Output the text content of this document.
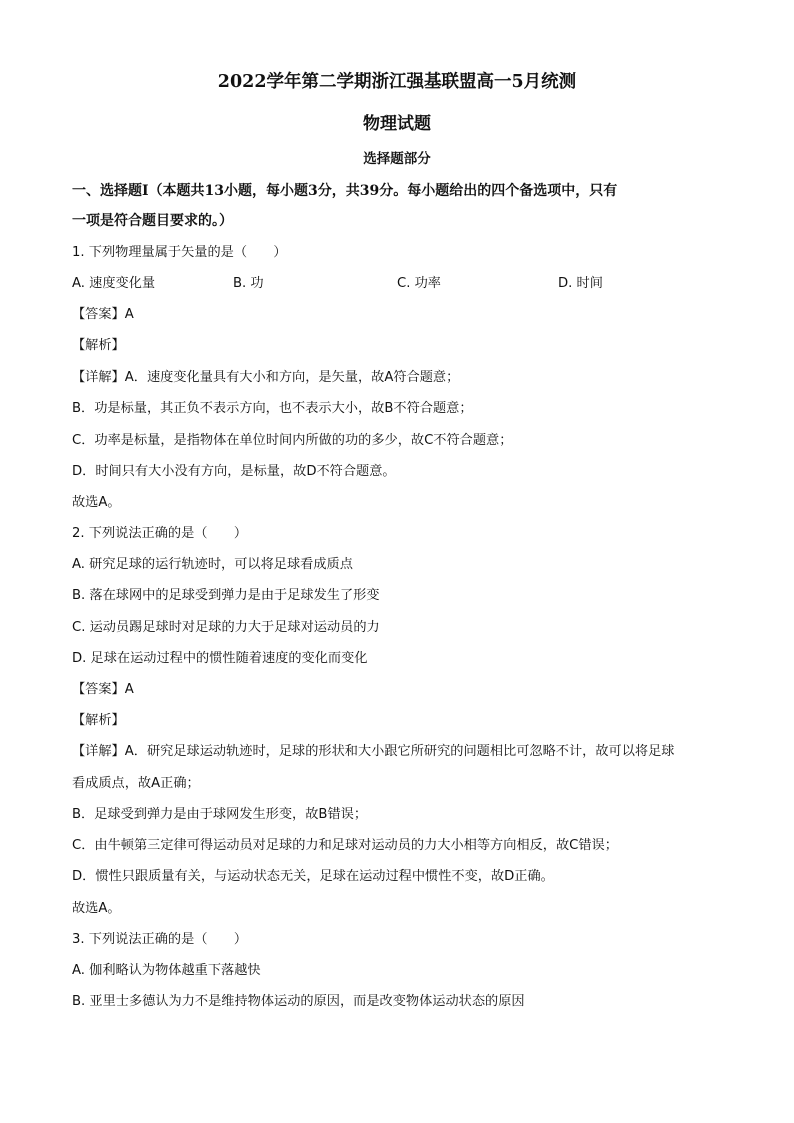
2022学年第二学期浙江强基联盟高一5月统测
物理试题
选择题部分
一、选择题Ⅰ（本题共13小题，每小题3分，共39分。每小题给出的四个备选项中，只有
一项是符合题目要求的。）
1. 下列物理量属于矢量的是（　　）
A. 速度变化量	B. 功	C. 功率	D. 时间
【答案】A
【解析】
【详解】A．速度变化量具有大小和方向，是矢量，故A符合题意；
B．功是标量，其正负不表示方向，也不表示大小，故B不符合题意；
C．功率是标量，是指物体在单位时间内所做的功的多少，故C不符合题意；
D．时间只有大小没有方向，是标量，故D不符合题意。
故选A。
2. 下列说法正确的是（　　）
A. 研究足球的运行轨迹时，可以将足球看成质点
B. 落在球网中的足球受到弹力是由于足球发生了形变
C. 运动员踢足球时对足球的力大于足球对运动员的力
D. 足球在运动过程中的惯性随着速度的变化而变化
【答案】A
【解析】
【详解】A．研究足球运动轨迹时，足球的形状和大小跟它所研究的问题相比可忽略不计，故可以将足球
看成质点，故A正确；
B．足球受到弹力是由于球网发生形变，故B错误；
C．由牛顿第三定律可得运动员对足球的力和足球对运动员的力大小相等方向相反，故C错误；
D．惯性只跟质量有关，与运动状态无关，足球在运动过程中惯性不变，故D正确。
故选A。
3. 下列说法正确的是（　　）
A. 伽利略认为物体越重下落越快
B. 亚里士多德认为力不是维持物体运动的原因，而是改变物体运动状态的原因
